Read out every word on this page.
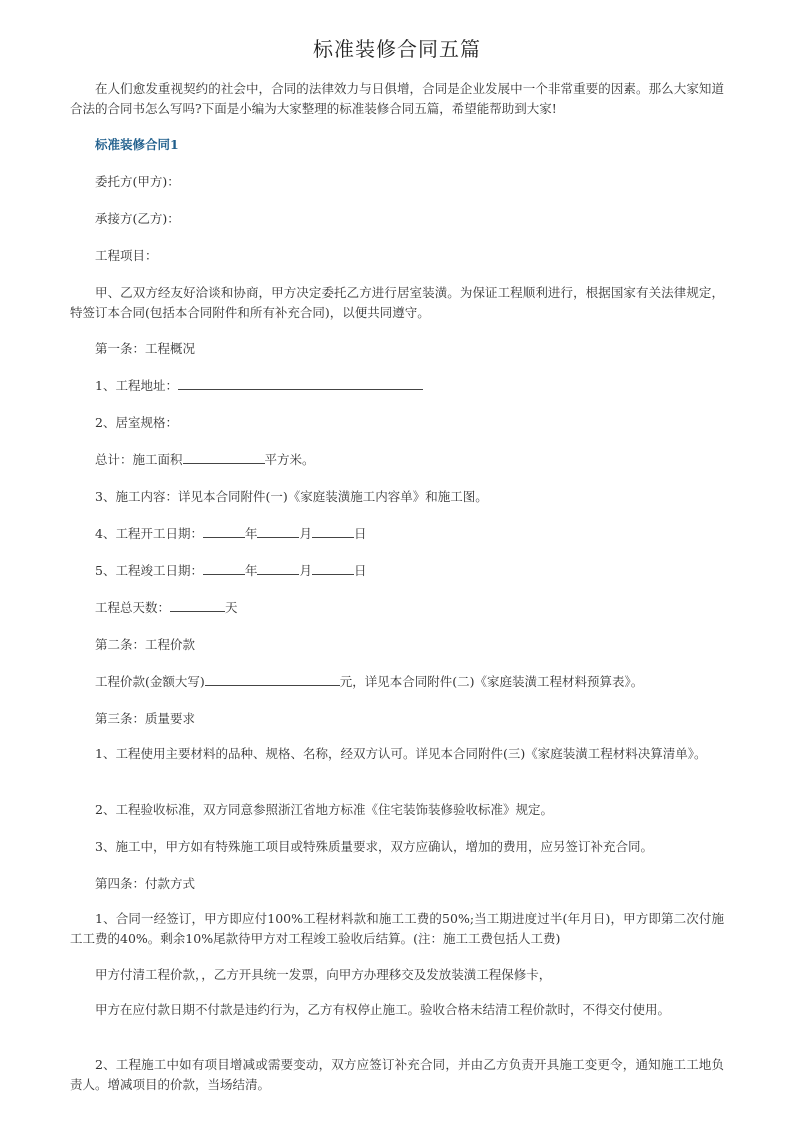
标准装修合同五篇

在人们愈发重视契约的社会中，合同的法律效力与日俱增，合同是企业发展中一个非常重要的因素。那么大家知道合法的合同书怎么写吗?下面是小编为大家整理的标准装修合同五篇，希望能帮助到大家!

标准装修合同1

委托方(甲方)：

承接方(乙方)：

工程项目：

甲、乙双方经友好洽谈和协商，甲方决定委托乙方进行居室装潢。为保证工程顺利进行，根据国家有关法律规定，特签订本合同(包括本合同附件和所有补充合同)，以便共同遵守。

第一条：工程概况

1、工程地址：

2、居室规格：

总计：施工面积	平方米。

3、施工内容：详见本合同附件(一)《家庭装潢施工内容单》和施工图。

4、工程开工日期：	年	月	日

5、工程竣工日期：	年	月	日

工程总天数：	天

第二条：工程价款

工程价款(金额大写)	元，详见本合同附件(二)《家庭装潢工程材料预算表》。

第三条：质量要求

1、工程使用主要材料的品种、规格、名称，经双方认可。详见本合同附件(三)《家庭装潢工程材料决算清单》。

2、工程验收标准，双方同意参照浙江省地方标准《住宅装饰装修验收标准》规定。

3、施工中，甲方如有特殊施工项目或特殊质量要求，双方应确认，增加的费用，应另签订补充合同。

第四条：付款方式

1、合同一经签订，甲方即应付100%工程材料款和施工工费的50%;当工期进度过半(年月日)，甲方即第二次付施工工费的40%。剩余10%尾款待甲方对工程竣工验收后结算。(注：施工工费包括人工费)

甲方付清工程价款，，乙方开具统一发票，向甲方办理移交及发放装潢工程保修卡，

甲方在应付款日期不付款是违约行为，乙方有权停止施工。验收合格未结清工程价款时，不得交付使用。

2、工程施工中如有项目增减或需要变动，双方应签订补充合同，并由乙方负责开具施工变更令，通知施工工地负责人。增减项目的价款，当场结清。
